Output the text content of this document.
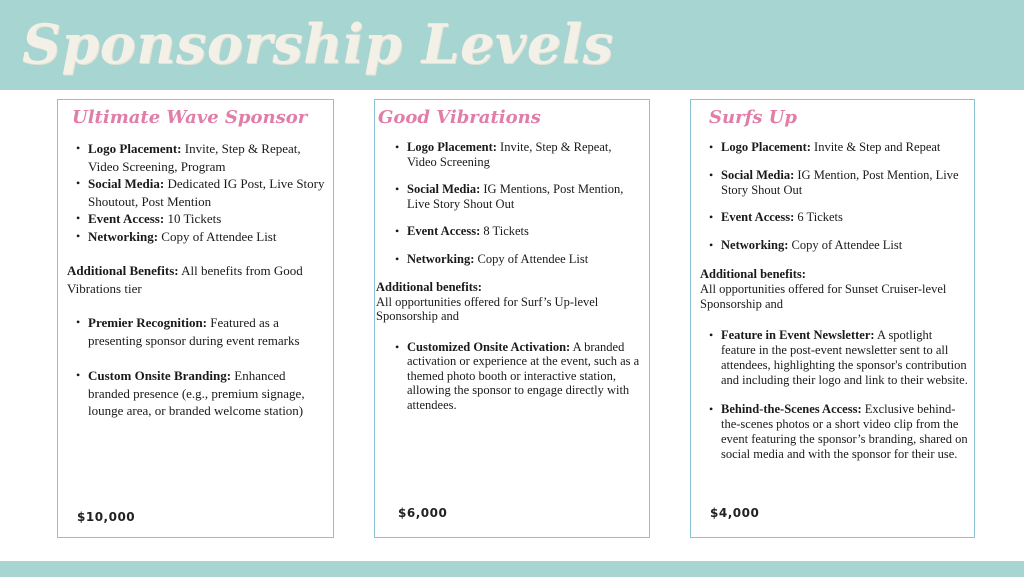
Sponsorship Levels
Ultimate Wave Sponsor
• Logo Placement: Invite, Step & Repeat, Video Screening, Program
• Social Media: Dedicated IG Post, Live Story Shoutout, Post Mention
• Event Access: 10 Tickets
• Networking: Copy of Attendee List

Additional Benefits: All benefits from Good Vibrations tier

• Premier Recognition: Featured as a presenting sponsor during event remarks
• Custom Onsite Branding: Enhanced branded presence (e.g., premium signage, lounge area, or branded welcome station)
$10,000
Good Vibrations
• Logo Placement: Invite, Step & Repeat, Video Screening
• Social Media: IG Mentions, Post Mention, Live Story Shout Out
• Event Access: 8 Tickets
• Networking: Copy of Attendee List

Additional benefits:
All opportunities offered for Surf’s Up-level Sponsorship and

• Customized Onsite Activation: A branded activation or experience at the event, such as a themed photo booth or interactive station, allowing the sponsor to engage directly with attendees.
$6,000
Surfs Up
• Logo Placement: Invite & Step and Repeat
• Social Media: IG Mention, Post Mention, Live Story Shout Out
• Event Access: 6 Tickets
• Networking: Copy of Attendee List

Additional benefits:
All opportunities offered for Sunset Cruiser-level Sponsorship and

• Feature in Event Newsletter: A spotlight feature in the post-event newsletter sent to all attendees, highlighting the sponsor's contribution and including their logo and link to their website.
• Behind-the-Scenes Access: Exclusive behind-the-scenes photos or a short video clip from the event featuring the sponsor’s branding, shared on social media and with the sponsor for their use.
$4,000
